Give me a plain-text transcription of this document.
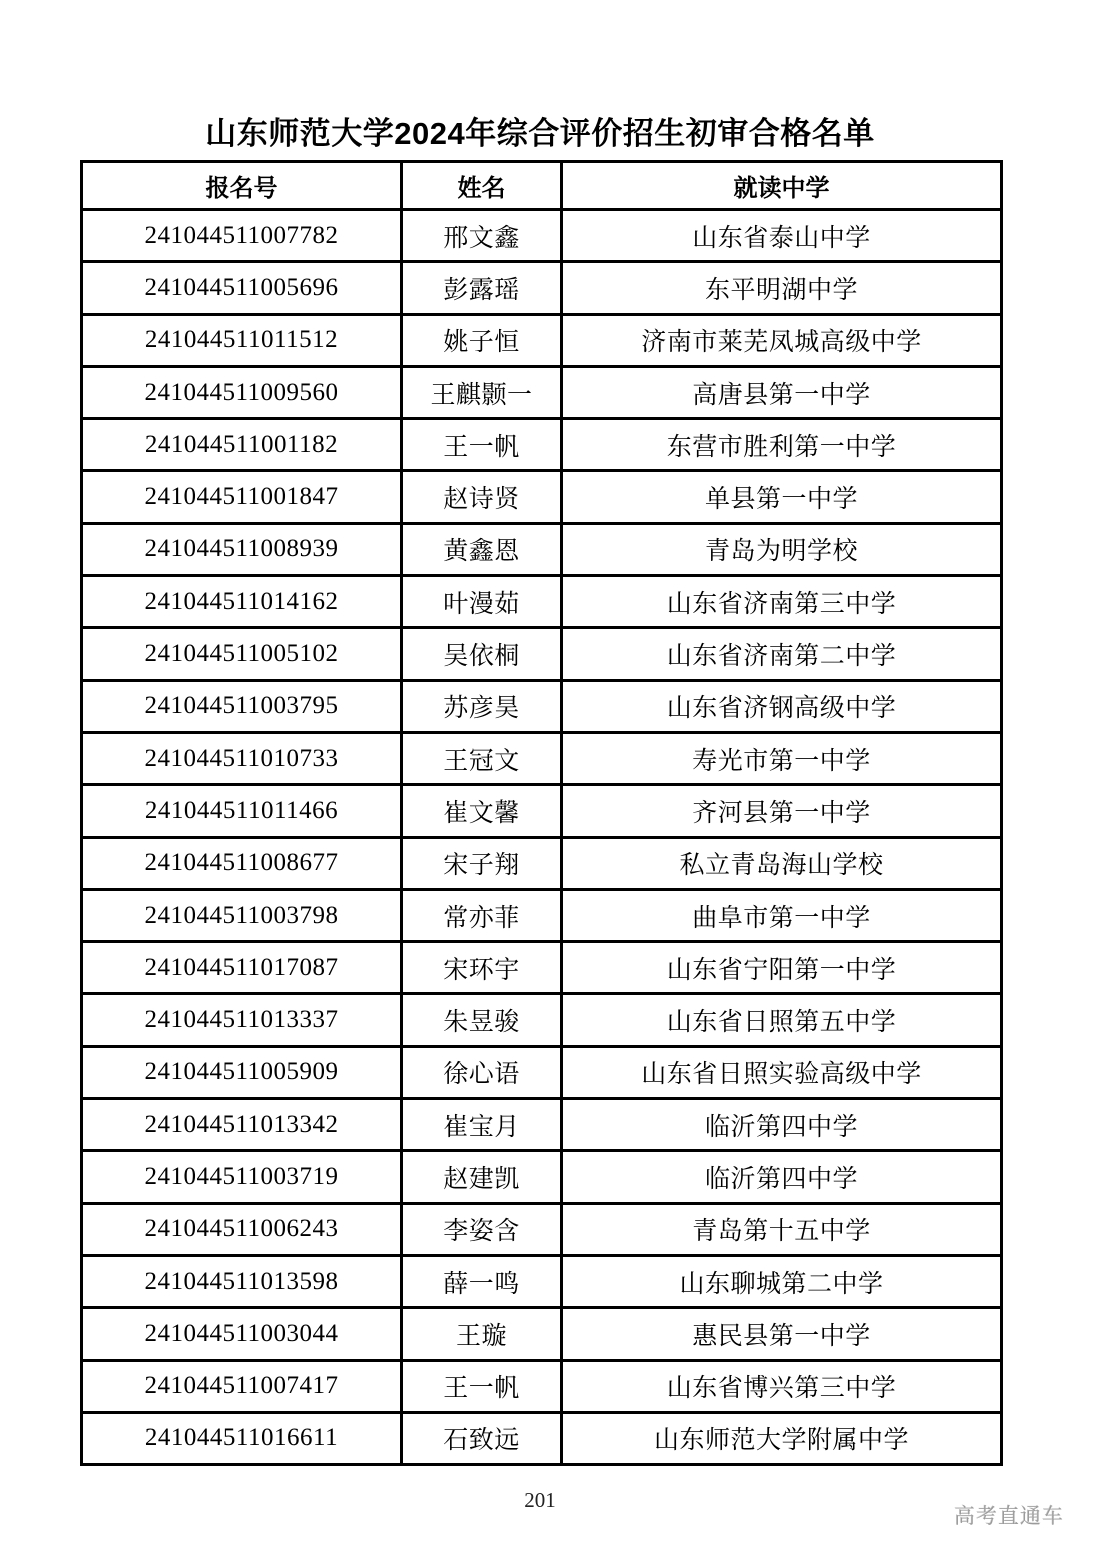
山东师范大学2024年综合评价招生初审合格名单
报名号	姓名	就读中学
241044511007782	邢文鑫	山东省泰山中学
241044511005696	彭露瑶	东平明湖中学
241044511011512	姚子恒	济南市莱芜凤城高级中学
241044511009560	王麒颢一	高唐县第一中学
241044511001182	王一帆	东营市胜利第一中学
241044511001847	赵诗贤	单县第一中学
241044511008939	黄鑫恩	青岛为明学校
241044511014162	叶漫茹	山东省济南第三中学
241044511005102	吴依桐	山东省济南第二中学
241044511003795	苏彦昊	山东省济钢高级中学
241044511010733	王冠文	寿光市第一中学
241044511011466	崔文馨	齐河县第一中学
241044511008677	宋子翔	私立青岛海山学校
241044511003798	常亦菲	曲阜市第一中学
241044511017087	宋环宇	山东省宁阳第一中学
241044511013337	朱昱骏	山东省日照第五中学
241044511005909	徐心语	山东省日照实验高级中学
241044511013342	崔宝月	临沂第四中学
241044511003719	赵建凯	临沂第四中学
241044511006243	李姿含	青岛第十五中学
241044511013598	薛一鸣	山东聊城第二中学
241044511003044	王璇	惠民县第一中学
241044511007417	王一帆	山东省博兴第三中学
241044511016611	石致远	山东师范大学附属中学
201
高考直通车
